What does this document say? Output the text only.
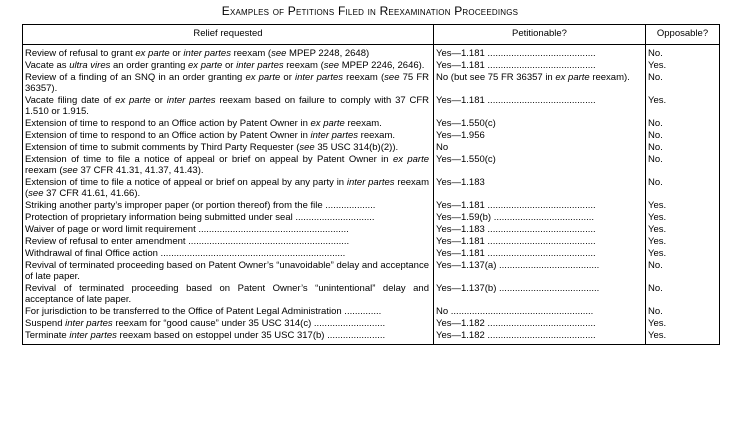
Examples of Petitions Filed in Reexamination Proceedings
Relief requested	Petitionable?	Opposable?
Review of refusal to grant ex parte or inter partes reexam (see MPEP 2248, 2648)	Yes—1.181 .........................................	No.
Vacate as ultra vires an order granting ex parte or inter partes reexam (see MPEP 2246, 2646).	Yes—1.181 .........................................	Yes.
Review of a finding of an SNQ in an order granting ex parte or inter partes reexam (see 75 FR 36357).	No (but see 75 FR 36357 in ex parte reexam).	No.
Vacate filing date of ex parte or inter partes reexam based on failure to comply with 37 CFR 1.510 or 1.915.	Yes—1.181 .........................................	Yes.
Extension of time to respond to an Office action by Patent Owner in ex parte reexam.	Yes—1.550(c)	No.
Extension of time to respond to an Office action by Patent Owner in inter partes reexam.	Yes—1.956	No.
Extension of time to submit comments by Third Party Requester (see 35 USC 314(b)(2)).	No	No.
Extension of time to file a notice of appeal or brief on appeal by Patent Owner in ex parte reexam (see 37 CFR 41.31, 41.37, 41.43).	Yes—1.550(c)	No.
Extension of time to file a notice of appeal or brief on appeal by any party in inter partes reexam (see 37 CFR 41.61, 41.66).	Yes—1.183	No.
Striking another party’s improper paper (or portion thereof) from the file ...................	Yes—1.181 .........................................	Yes.
Protection of proprietary information being submitted under seal ..............................	Yes—1.59(b) ......................................	Yes.
Waiver of page or word limit requirement .........................................................	Yes—1.183 .........................................	Yes.
Review of refusal to enter amendment .............................................................	Yes—1.181 .........................................	Yes.
Withdrawal of final Office action ......................................................................	Yes—1.181 .........................................	Yes.
Revival of terminated proceeding based on Patent Owner’s “unavoidable” delay and acceptance of late paper.	Yes—1.137(a) ......................................	No.
Revival of terminated proceeding based on Patent Owner’s “unintentional” delay and acceptance of late paper.	Yes—1.137(b) ......................................	No.
For jurisdiction to be transferred to the Office of Patent Legal Administration ..............	No ......................................................	No.
Suspend inter partes reexam for “good cause” under 35 USC 314(c) ...........................	Yes—1.182 .........................................	Yes.
Terminate inter partes reexam based on estoppel under 35 USC 317(b) ......................	Yes—1.182 .........................................	Yes.
